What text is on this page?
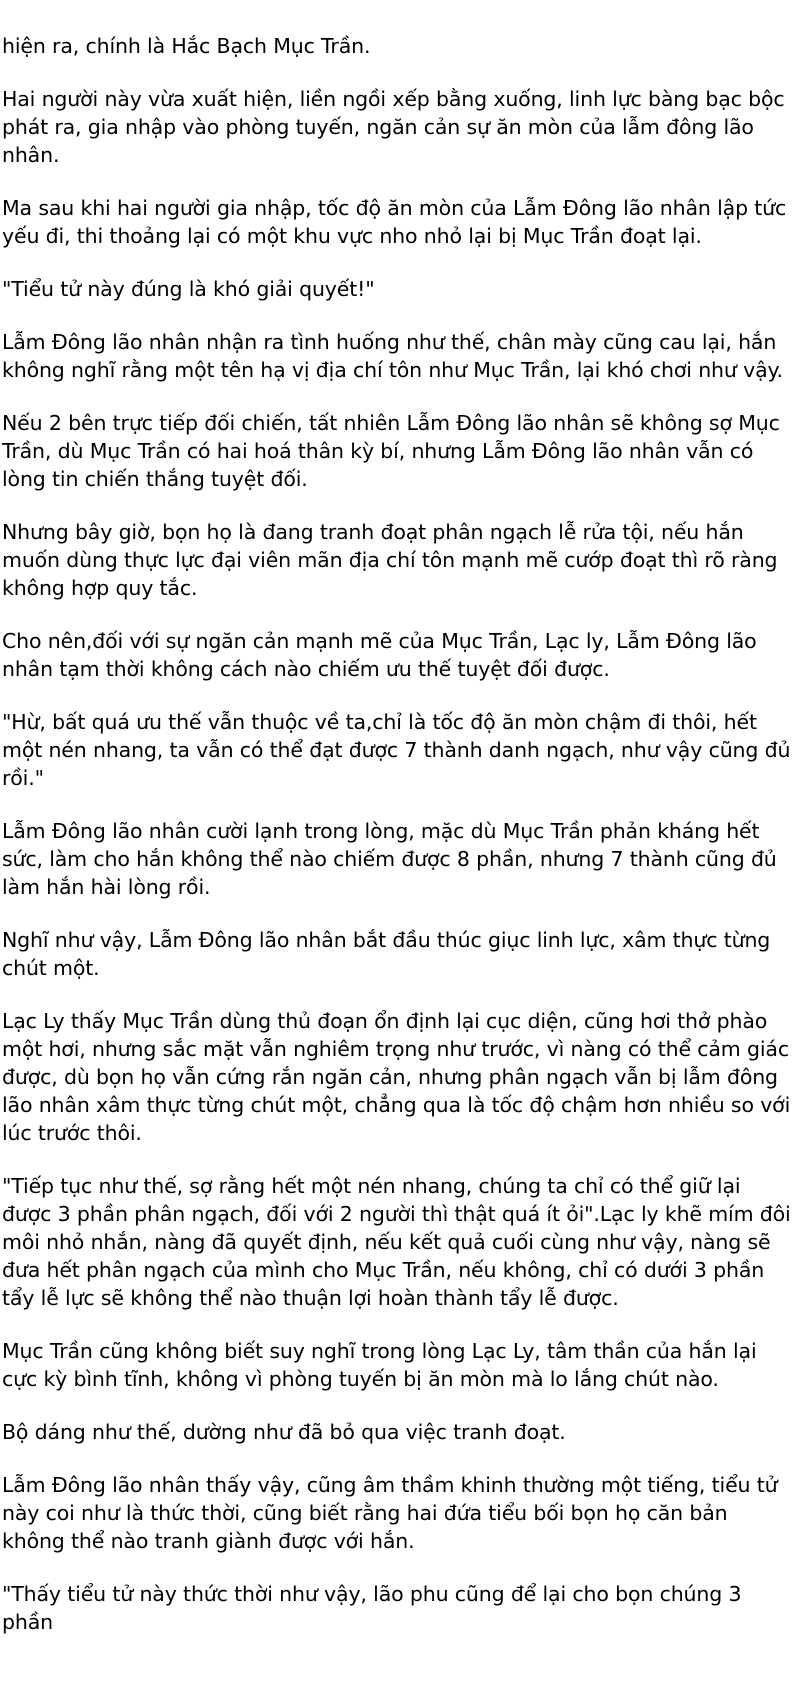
hiện ra, chính là Hắc Bạch Mục Trần.

Hai người này vừa xuất hiện, liền ngồi xếp bằng xuống, linh lực bàng bạc bộc phát ra, gia nhập vào phòng tuyến, ngăn cản sự ăn mòn của lẫm đông lão nhân.

Ma sau khi hai người gia nhập, tốc độ ăn mòn của Lẫm Đông lão nhân lập tức yếu đi, thi thoảng lại có một khu vực nho nhỏ lại bị Mục Trần đoạt lại.

"Tiểu tử này đúng là khó giải quyết!"

Lẫm Đông lão nhân nhận ra tình huống như thế, chân mày cũng cau lại, hắn không nghĩ rằng một tên hạ vị địa chí tôn như Mục Trần, lại khó chơi như vậy.

Nếu 2 bên trực tiếp đối chiến, tất nhiên Lẫm Đông lão nhân sẽ không sợ Mục Trần, dù Mục Trần có hai hoá thân kỳ bí, nhưng Lẫm Đông lão nhân vẫn có lòng tin chiến thắng tuyệt đối.

Nhưng bây giờ, bọn họ là đang tranh đoạt phân ngạch lễ rửa tội, nếu hắn muốn dùng thực lực đại viên mãn địa chí tôn mạnh mẽ cướp đoạt thì rõ ràng không hợp quy tắc.

Cho nên,đối với sự ngăn cản mạnh mẽ của Mục Trần, Lạc ly, Lẫm Đông lão nhân tạm thời không cách nào chiếm ưu thế tuyệt đối được.

"Hừ, bất quá ưu thế vẫn thuộc về ta,chỉ là tốc độ ăn mòn chậm đi thôi, hết một nén nhang, ta vẫn có thể đạt được 7 thành danh ngạch, như vậy cũng đủ rồi."

Lẫm Đông lão nhân cười lạnh trong lòng, mặc dù Mục Trần phản kháng hết sức, làm cho hắn không thể nào chiếm được 8 phần, nhưng 7 thành cũng đủ làm hắn hài lòng rồi.

Nghĩ như vậy, Lẫm Đông lão nhân bắt đầu thúc giục linh lực, xâm thực từng chút một.

Lạc Ly thấy Mục Trần dùng thủ đoạn ổn định lại cục diện, cũng hơi thở phào một hơi, nhưng sắc mặt vẫn nghiêm trọng như trước, vì nàng có thể cảm giác được, dù bọn họ vẫn cứng rắn ngăn cản, nhưng phân ngạch vẫn bị lẫm đông lão nhân xâm thực từng chút một, chẳng qua là tốc độ chậm hơn nhiều so với lúc trước thôi.

"Tiếp tục như thế, sợ rằng hết một nén nhang, chúng ta chỉ có thể giữ lại được 3 phần phân ngạch, đối với 2 người thì thật quá ít ỏi".Lạc ly khẽ mím đôi môi nhỏ nhắn, nàng đã quyết định, nếu kết quả cuối cùng như vậy, nàng sẽ đưa hết phân ngạch của mình cho Mục Trần, nếu không, chỉ có dưới 3 phần tẩy lễ lực sẽ không thể nào thuận lợi hoàn thành tẩy lễ được.

Mục Trần cũng không biết suy nghĩ trong lòng Lạc Ly, tâm thần của hắn lại cực kỳ bình tĩnh, không vì phòng tuyến bị ăn mòn mà lo lắng chút nào.

Bộ dáng như thế, dường như đã bỏ qua việc tranh đoạt.

Lẫm Đông lão nhân thấy vậy, cũng âm thầm khinh thường một tiếng, tiểu tử này coi như là thức thời, cũng biết rằng hai đứa tiểu bối bọn họ căn bản không thể nào tranh giành được với hắn.

"Thấy tiểu tử này thức thời như vậy, lão phu cũng để lại cho bọn chúng 3 phần
